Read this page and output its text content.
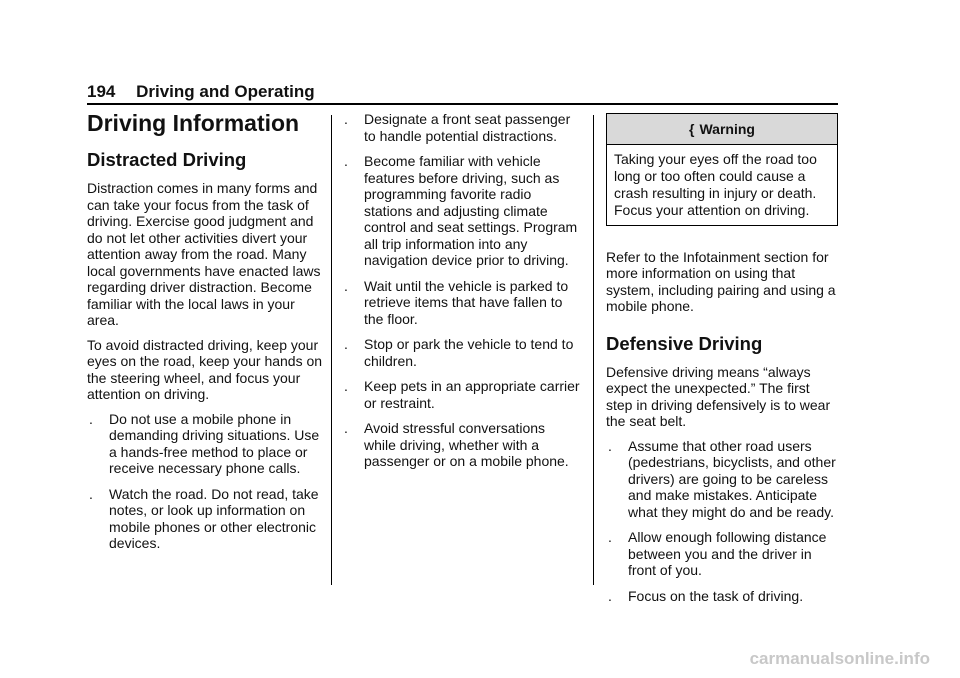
194 Driving and Operating
Driving Information
Distracted Driving

Distraction comes in many forms and can take your focus from the task of driving. Exercise good judgment and do not let other activities divert your attention away from the road. Many local governments have enacted laws regarding driver distraction. Become familiar with the local laws in your area.

To avoid distracted driving, keep your eyes on the road, keep your hands on the steering wheel, and focus your attention on driving.

. Do not use a mobile phone in demanding driving situations. Use a hands-free method to place or receive necessary phone calls.
. Watch the road. Do not read, take notes, or look up information on mobile phones or other electronic devices.
. Designate a front seat passenger to handle potential distractions.
. Become familiar with vehicle features before driving, such as programming favorite radio stations and adjusting climate control and seat settings. Program all trip information into any navigation device prior to driving.
. Wait until the vehicle is parked to retrieve items that have fallen to the floor.
. Stop or park the vehicle to tend to children.
. Keep pets in an appropriate carrier or restraint.
. Avoid stressful conversations while driving, whether with a passenger or on a mobile phone.
{ Warning
Taking your eyes off the road too long or too often could cause a crash resulting in injury or death. Focus your attention on driving.

Refer to the Infotainment section for more information on using that system, including pairing and using a mobile phone.

Defensive Driving

Defensive driving means “always expect the unexpected.” The first step in driving defensively is to wear the seat belt.

. Assume that other road users (pedestrians, bicyclists, and other drivers) are going to be careless and make mistakes. Anticipate what they might do and be ready.
. Allow enough following distance between you and the driver in front of you.
. Focus on the task of driving.
carmanualsonline.info
